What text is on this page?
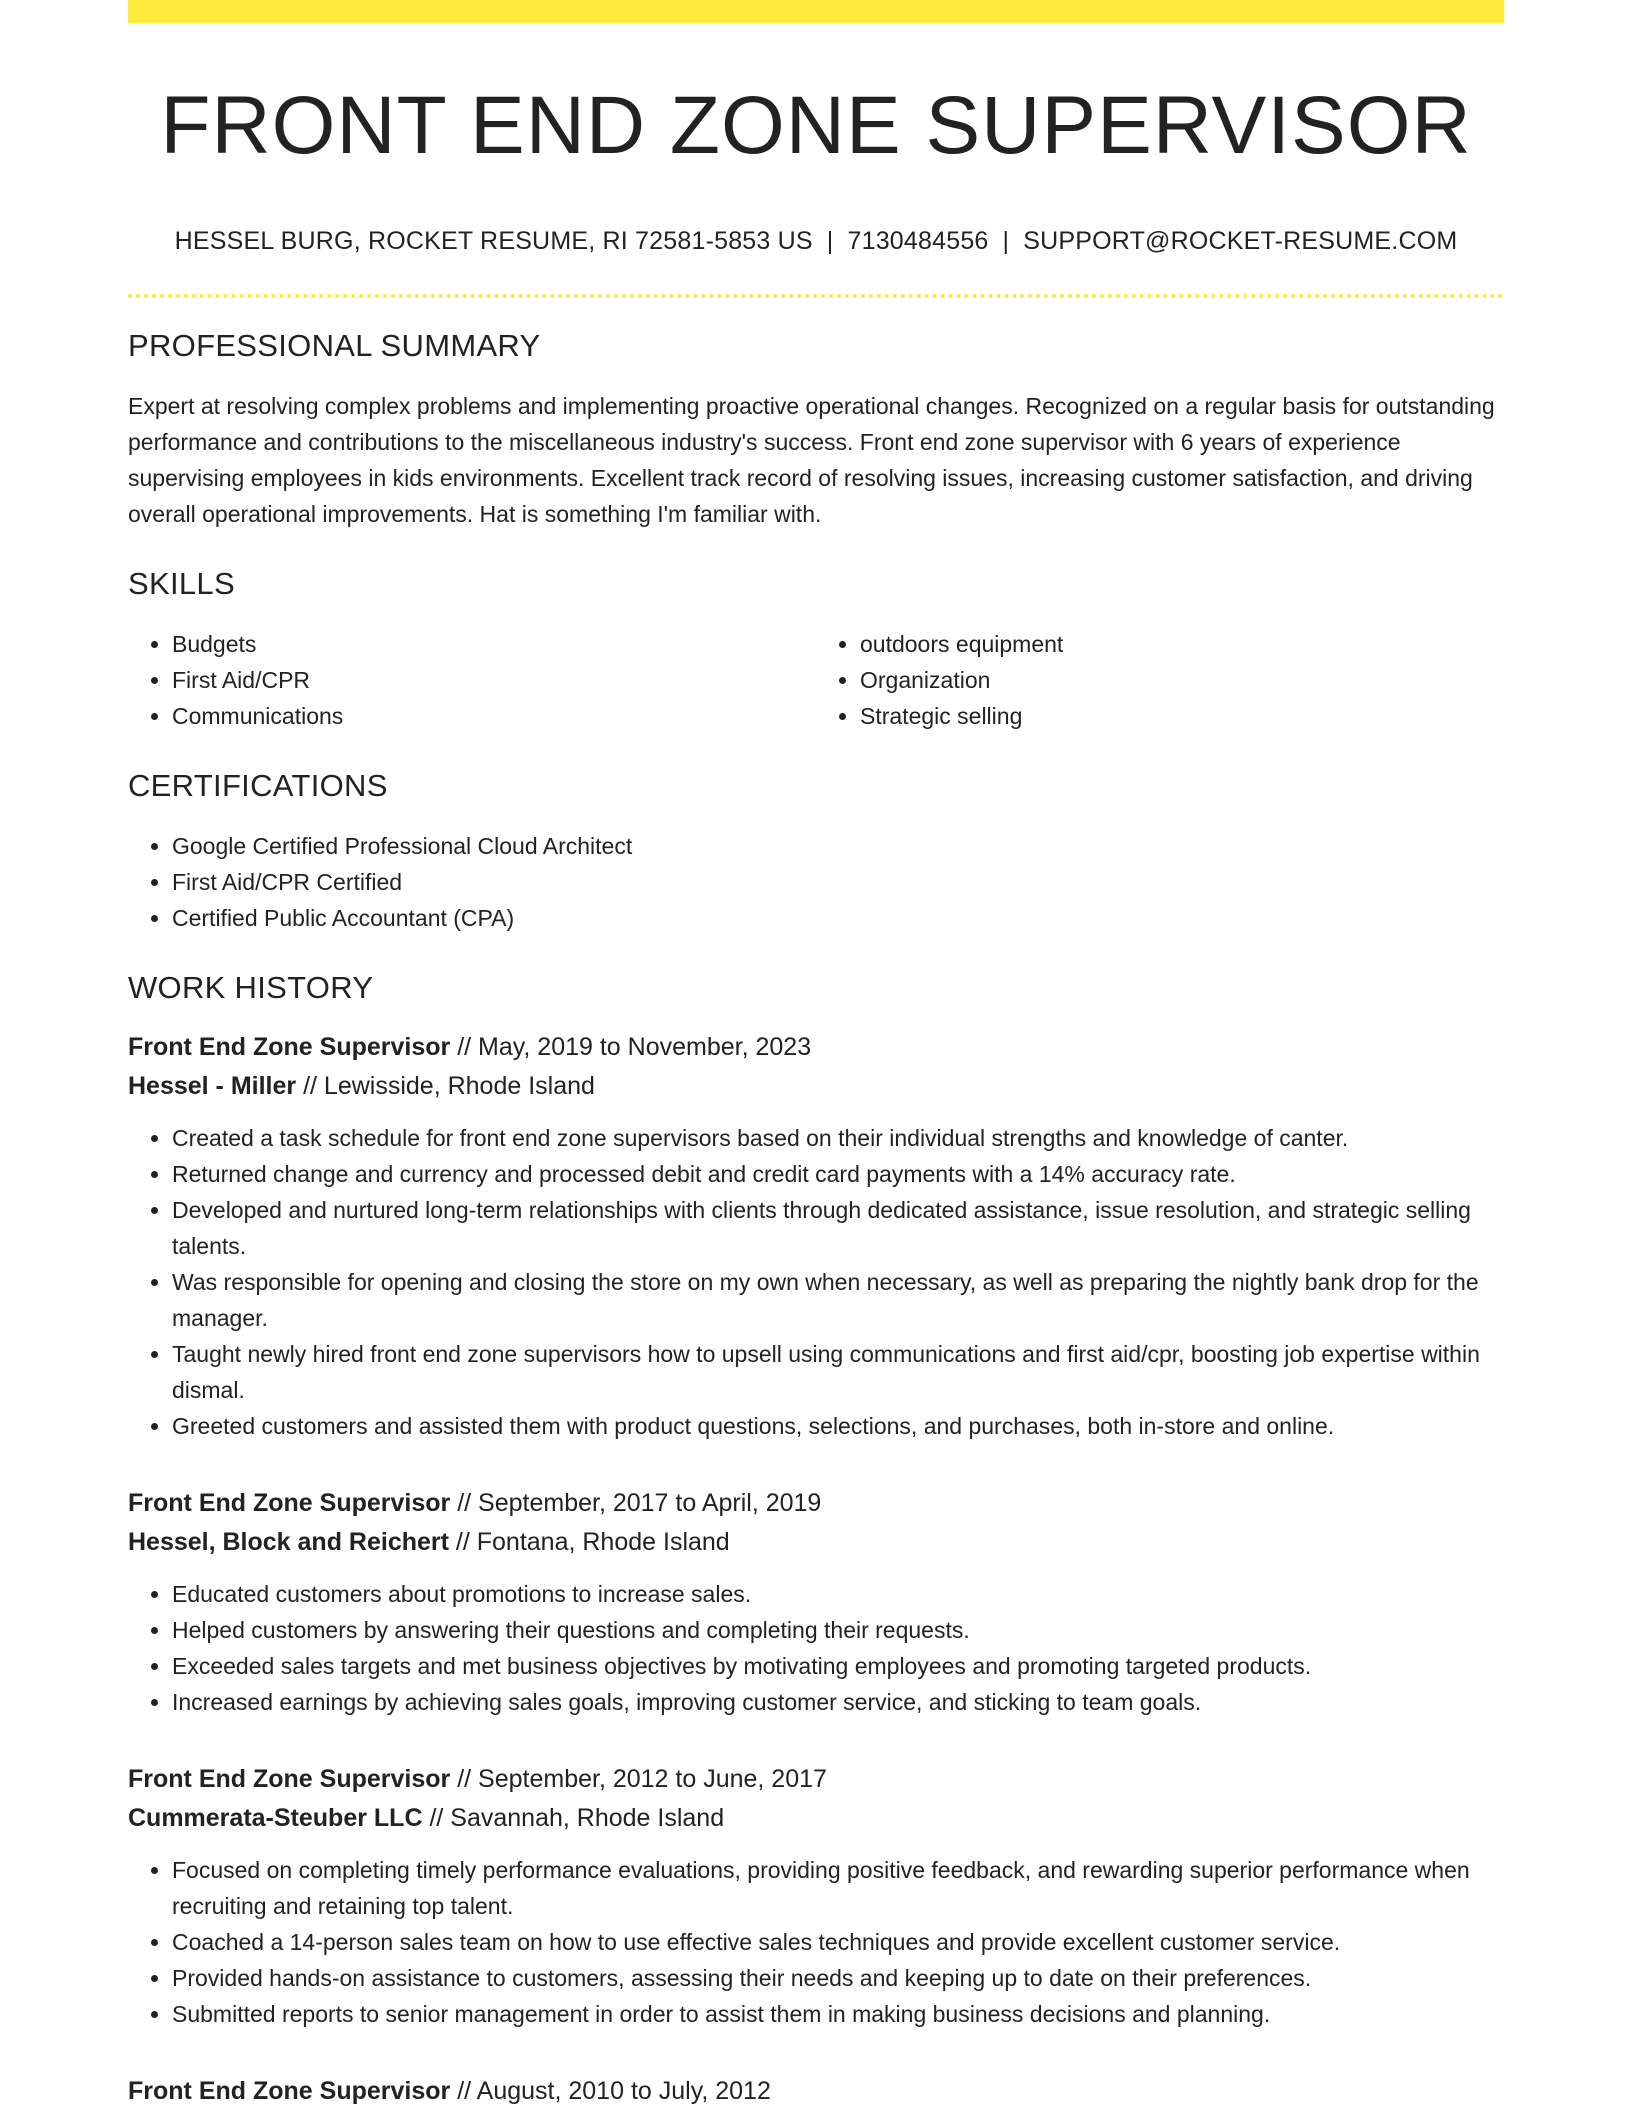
FRONT END ZONE SUPERVISOR
HESSEL BURG, ROCKET RESUME, RI 72581-5853 US | 7130484556 | SUPPORT@ROCKET-RESUME.COM
PROFESSIONAL SUMMARY
Expert at resolving complex problems and implementing proactive operational changes. Recognized on a regular basis for outstanding performance and contributions to the miscellaneous industry's success. Front end zone supervisor with 6 years of experience supervising employees in kids environments. Excellent track record of resolving issues, increasing customer satisfaction, and driving overall operational improvements. Hat is something I'm familiar with.
SKILLS
• Budgets
• First Aid/CPR
• Communications
• outdoors equipment
• Organization
• Strategic selling
CERTIFICATIONS
• Google Certified Professional Cloud Architect
• First Aid/CPR Certified
• Certified Public Accountant (CPA)
WORK HISTORY
Front End Zone Supervisor // May, 2019 to November, 2023
Hessel - Miller // Lewisside, Rhode Island
• Created a task schedule for front end zone supervisors based on their individual strengths and knowledge of canter.
• Returned change and currency and processed debit and credit card payments with a 14% accuracy rate.
• Developed and nurtured long-term relationships with clients through dedicated assistance, issue resolution, and strategic selling talents.
• Was responsible for opening and closing the store on my own when necessary, as well as preparing the nightly bank drop for the manager.
• Taught newly hired front end zone supervisors how to upsell using communications and first aid/cpr, boosting job expertise within dismal.
• Greeted customers and assisted them with product questions, selections, and purchases, both in-store and online.
Front End Zone Supervisor // September, 2017 to April, 2019
Hessel, Block and Reichert // Fontana, Rhode Island
• Educated customers about promotions to increase sales.
• Helped customers by answering their questions and completing their requests.
• Exceeded sales targets and met business objectives by motivating employees and promoting targeted products.
• Increased earnings by achieving sales goals, improving customer service, and sticking to team goals.
Front End Zone Supervisor // September, 2012 to June, 2017
Cummerata-Steuber LLC // Savannah, Rhode Island
• Focused on completing timely performance evaluations, providing positive feedback, and rewarding superior performance when recruiting and retaining top talent.
• Coached a 14-person sales team on how to use effective sales techniques and provide excellent customer service.
• Provided hands-on assistance to customers, assessing their needs and keeping up to date on their preferences.
• Submitted reports to senior management in order to assist them in making business decisions and planning.
Front End Zone Supervisor // August, 2010 to July, 2012
